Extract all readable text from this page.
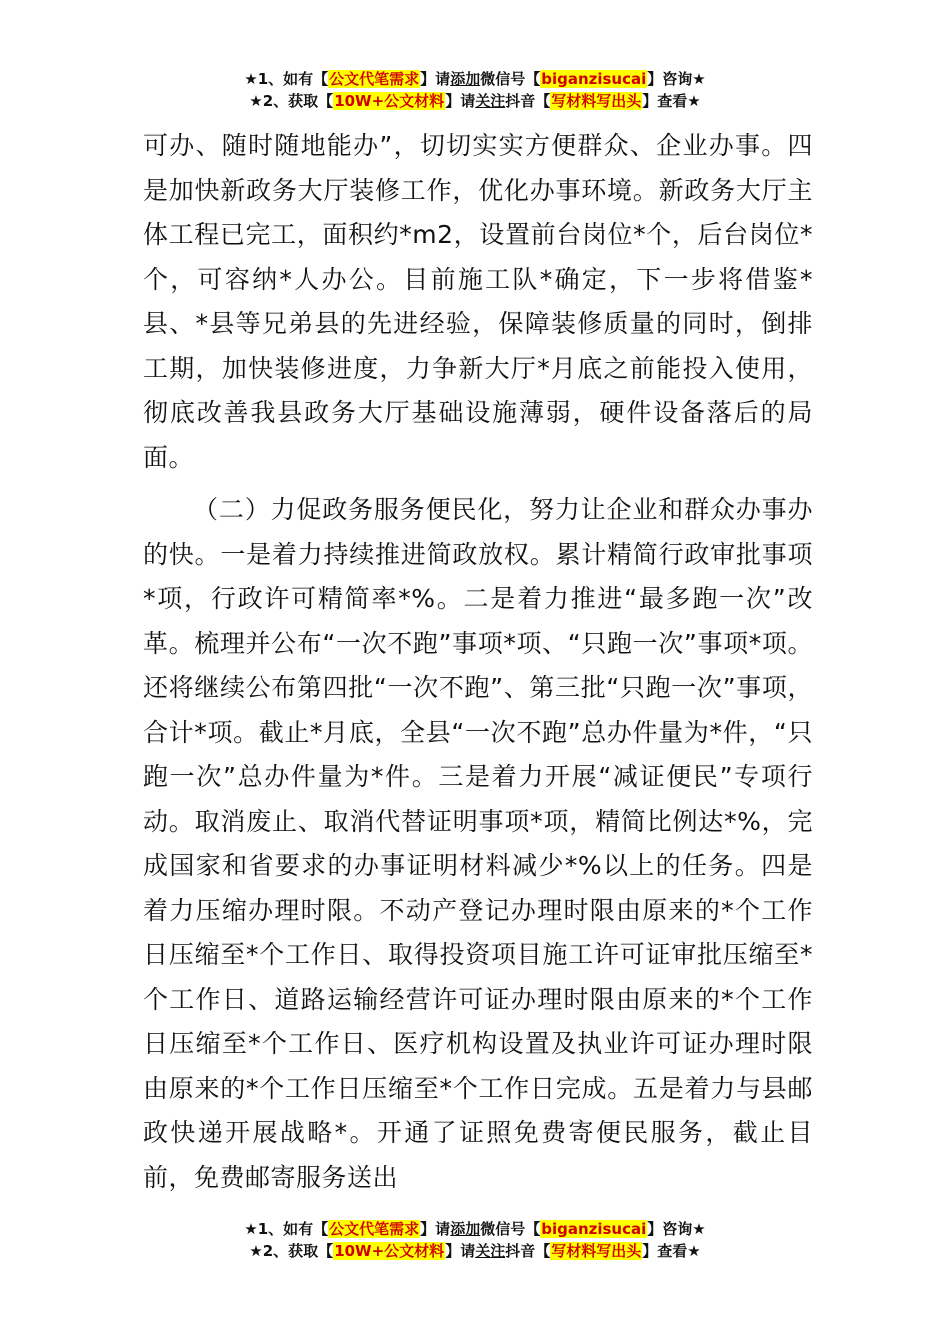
★1、如有【公文代笔需求】请添加微信号【biganzisucai】咨询★
★2、获取【10W+公文材料】请关注抖音【写材料写出头】查看★

可办、随时随地能办”，切切实实方便群众、企业办事。四是加快新政务大厅装修工作，优化办事环境。新政务大厅主体工程已完工，面积约*m2，设置前台岗位*个，后台岗位*个，可容纳*人办公。目前施工队*确定，下一步将借鉴*县、*县等兄弟县的先进经验，保障装修质量的同时，倒排工期，加快装修进度，力争新大厅*月底之前能投入使用，彻底改善我县政务大厅基础设施薄弱，硬件设备落后的局面。

（二）力促政务服务便民化，努力让企业和群众办事办的快。一是着力持续推进简政放权。累计精简行政审批事项*项，行政许可精简率*%。二是着力推进“最多跑一次”改革。梳理并公布“一次不跑”事项*项、“只跑一次”事项*项。还将继续公布第四批“一次不跑”、第三批“只跑一次”事项，合计*项。截止*月底，全县“一次不跑”总办件量为*件，“只跑一次”总办件量为*件。三是着力开展“减证便民”专项行动。取消废止、取消代替证明事项*项，精简比例达*%，完成国家和省要求的办事证明材料减少*%以上的任务。四是着力压缩办理时限。不动产登记办理时限由原来的*个工作日压缩至*个工作日、取得投资项目施工许可证审批压缩至*个工作日、道路运输经营许可证办理时限由原来的*个工作日压缩至*个工作日、医疗机构设置及执业许可证办理时限由原来的*个工作日压缩至*个工作日完成。五是着力与县邮政快递开展战略*。开通了证照免费寄便民服务，截止目前，免费邮寄服务送出

★1、如有【公文代笔需求】请添加微信号【biganzisucai】咨询★
★2、获取【10W+公文材料】请关注抖音【写材料写出头】查看★
